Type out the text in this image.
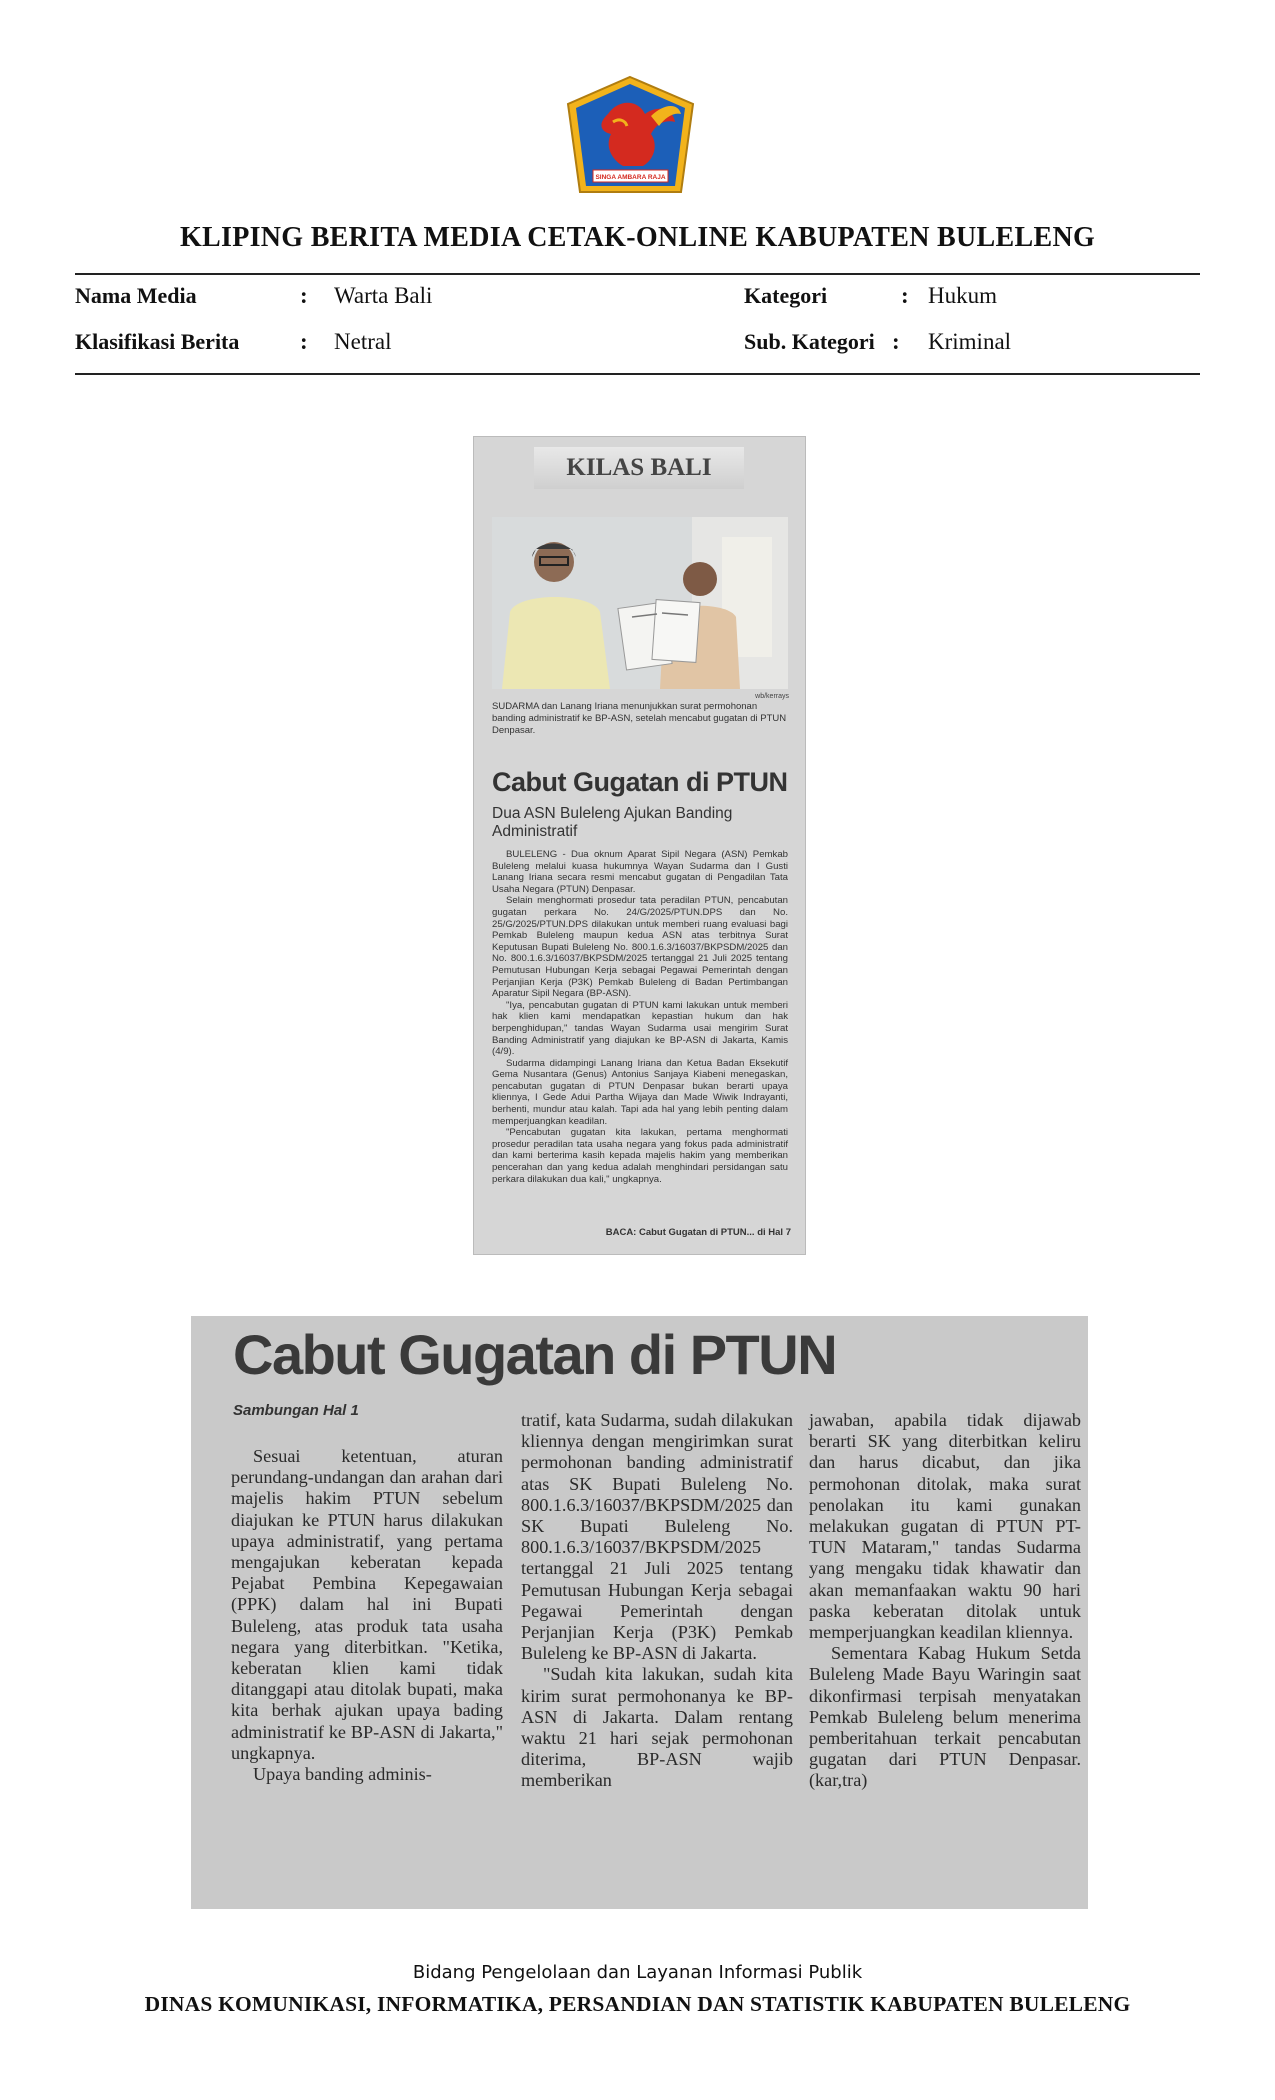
SINGA AMBARA RAJA
KLIPING BERITA MEDIA CETAK-ONLINE KABUPATEN BULELENG
Nama Media	: Warta Bali	Kategori	: Hukum
Klasifikasi Berita	: Netral	Sub. Kategori : Kriminal
KILAS BALI
wb/kerrays
SUDARMA dan Lanang Iriana menunjukkan surat permohonan banding administratif ke BP-ASN, setelah mencabut gugatan di PTUN Denpasar.
Cabut Gugatan di PTUN
Dua ASN Buleleng Ajukan Banding Administratif

BULELENG - Dua oknum Aparat Sipil Negara (ASN) Pemkab Buleleng melalui kuasa hukumnya Wayan Sudarma dan I Gusti Lanang Iriana secara resmi mencabut gugatan di Pengadilan Tata Usaha Negara (PTUN) Denpasar.

Selain menghormati prosedur tata peradilan PTUN, pencabutan gugatan perkara No. 24/G/2025/PTUN.DPS dan No. 25/G/2025/PTUN.DPS dilakukan untuk memberi ruang evaluasi bagi Pemkab Buleleng maupun kedua ASN atas terbitnya Surat Keputusan Bupati Buleleng No. 800.1.6.3/16037/BKPSDM/2025 dan No. 800.1.6.3/16037/BKPSDM/2025 tertanggal 21 Juli 2025 tentang Pemutusan Hubungan Kerja sebagai Pegawai Pemerintah dengan Perjanjian Kerja (P3K) Pemkab Buleleng di Badan Pertimbangan Aparatur Sipil Negara (BP-ASN).

"Iya, pencabutan gugatan di PTUN kami lakukan untuk memberi hak klien kami mendapatkan kepastian hukum dan hak berpenghidupan," tandas Wayan Sudarma usai mengirim Surat Banding Administratif yang diajukan ke BP-ASN di Jakarta, Kamis (4/9).

Sudarma didampingi Lanang Iriana dan Ketua Badan Eksekutif Gema Nusantara (Genus) Antonius Sanjaya Kiabeni menegaskan, pencabutan gugatan di PTUN Denpasar bukan berarti upaya kliennya, I Gede Adui Partha Wijaya dan Made Wiwik Indrayanti, berhenti, mundur atau kalah. Tapi ada hal yang lebih penting dalam memperjuangkan keadilan.

"Pencabutan gugatan kita lakukan, pertama menghormati prosedur peradilan tata usaha negara yang fokus pada administratif dan kami berterima kasih kepada majelis hakim yang memberikan pencerahan dan yang kedua adalah menghindari persidangan satu perkara dilakukan dua kali," ungkapnya.

BACA: Cabut Gugatan di PTUN... di Hal 7
Cabut Gugatan di PTUN
Sambungan Hal 1

Sesuai ketentuan, aturan perundang-undangan dan arahan dari majelis hakim PTUN sebelum diajukan ke PTUN harus dilakukan upaya administratif, yang pertama mengajukan keberatan kepada Pejabat Pembina Kepegawaian (PPK) dalam hal ini Bupati Buleleng, atas produk tata usaha negara yang diterbitkan. "Ketika, keberatan klien kami tidak ditanggapi atau ditolak bupati, maka kita berhak ajukan upaya bading administratif ke BP-ASN di Jakarta," ungkapnya.

Upaya banding adminis-

tratif, kata Sudarma, sudah dilakukan kliennya dengan mengirimkan surat permohonan banding administratif atas SK Bupati Buleleng No. 800.1.6.3/16037/BKPSDM/2025 dan SK Bupati Buleleng No. 800.1.6.3/16037/BKPSDM/2025 tertanggal 21 Juli 2025 tentang Pemutusan Hubungan Kerja sebagai Pegawai Pemerintah dengan Perjanjian Kerja (P3K) Pemkab Buleleng ke BP-ASN di Jakarta.

"Sudah kita lakukan, sudah kita kirim surat permohonanya ke BP-ASN di Jakarta. Dalam rentang waktu 21 hari sejak permohonan diterima, BP-ASN wajib memberikan

jawaban, apabila tidak dijawab berarti SK yang diterbitkan keliru dan harus dicabut, dan jika permohonan ditolak, maka surat penolakan itu kami gunakan melakukan gugatan di PTUN PT-TUN Mataram," tandas Sudarma yang mengaku tidak khawatir dan akan memanfaakan waktu 90 hari paska keberatan ditolak untuk memperjuangkan keadilan kliennya.

Sementara Kabag Hukum Setda Buleleng Made Bayu Waringin saat dikonfirmasi terpisah menyatakan Pemkab Buleleng belum menerima pemberitahuan terkait pencabutan gugatan dari PTUN Denpasar. (kar,tra)

Bidang Pengelolaan dan Layanan Informasi Publik
DINAS KOMUNIKASI, INFORMATIKA, PERSANDIAN DAN STATISTIK KABUPATEN BULELENG
